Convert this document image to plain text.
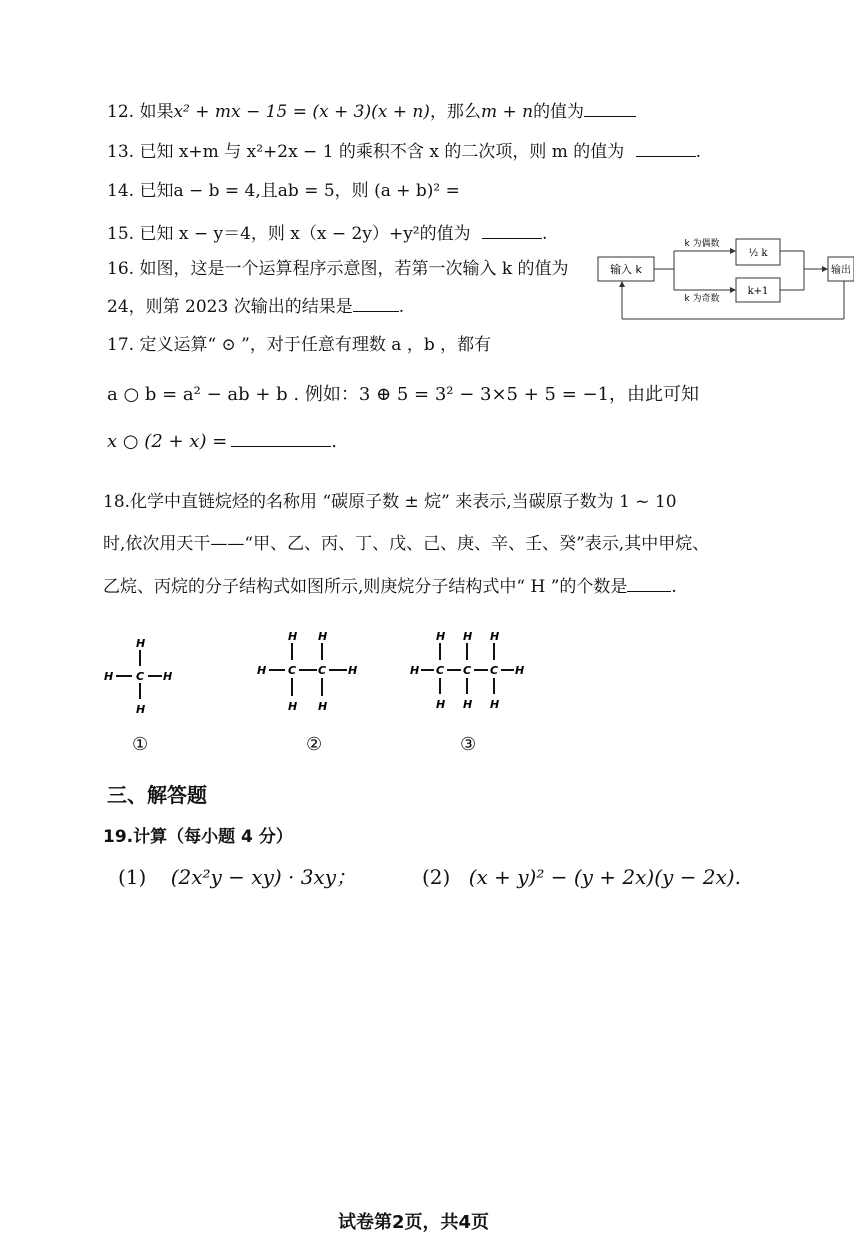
12. 如果x² + mx − 15 = (x + 3)(x + n)，那么m + n的值为
13. 已知 x+m 与 x²+2x − 1 的乘积不含 x 的二次项，则 m 的值为	.
14. 已知a − b = 4,且ab = 5，则 (a + b)² =
15. 已知 x − y＝4，则 x（x − 2y）+y²的值为	.
16. 如图，这是一个运算程序示意图，若第一次输入 k 的值为
24，则第 2023 次输出的结果是	.
输入 k
k 为偶数
k 为奇数
½ k
k+1
输出
17. 定义运算“ ⊙ ”，对于任意有理数 a ，b ，都有
a ○ b = a² − ab + b . 例如：3 ⊕ 5 = 3² − 3×5 + 5 = −1，由此可知
x ○ (2 + x) =	.
18.化学中直链烷烃的名称用 “碳原子数 ± 烷” 来表示,当碳原子数为 1 ~ 10
时,依次用天干——“甲、乙、丙、丁、戊、己、庚、辛、壬、癸”表示,其中甲烷、
乙烷、丙烷的分子结构式如图所示,则庚烷分子结构式中“ H ”的个数是	.
H
H C H
H
①
H H
H C C H
H H
②
H H H
H C C C H
H H H
③
三、解答题
19.计算（每小题 4 分）
(1) (2x²y − xy) · 3xy；	(2) (x + y)² − (y + 2x)(y − 2x).
试卷第2页，共4页
